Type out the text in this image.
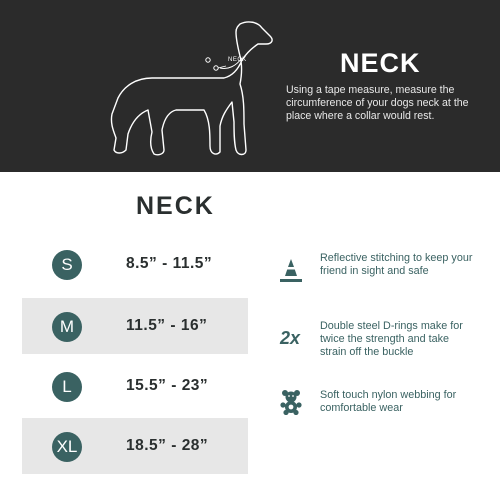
NECK	NECK
Using a tape measure, measure the circumference of your dogs neck at the place where a collar would rest.
NECK
S	8.5” - 11.5”
M	11.5” - 16”
L	15.5” - 23”
XL	18.5” - 28”
Reflective stitching to keep your friend in sight and safe
2x
Double steel D-rings make for twice the strength and take strain off the buckle
Soft touch nylon webbing for comfortable wear
